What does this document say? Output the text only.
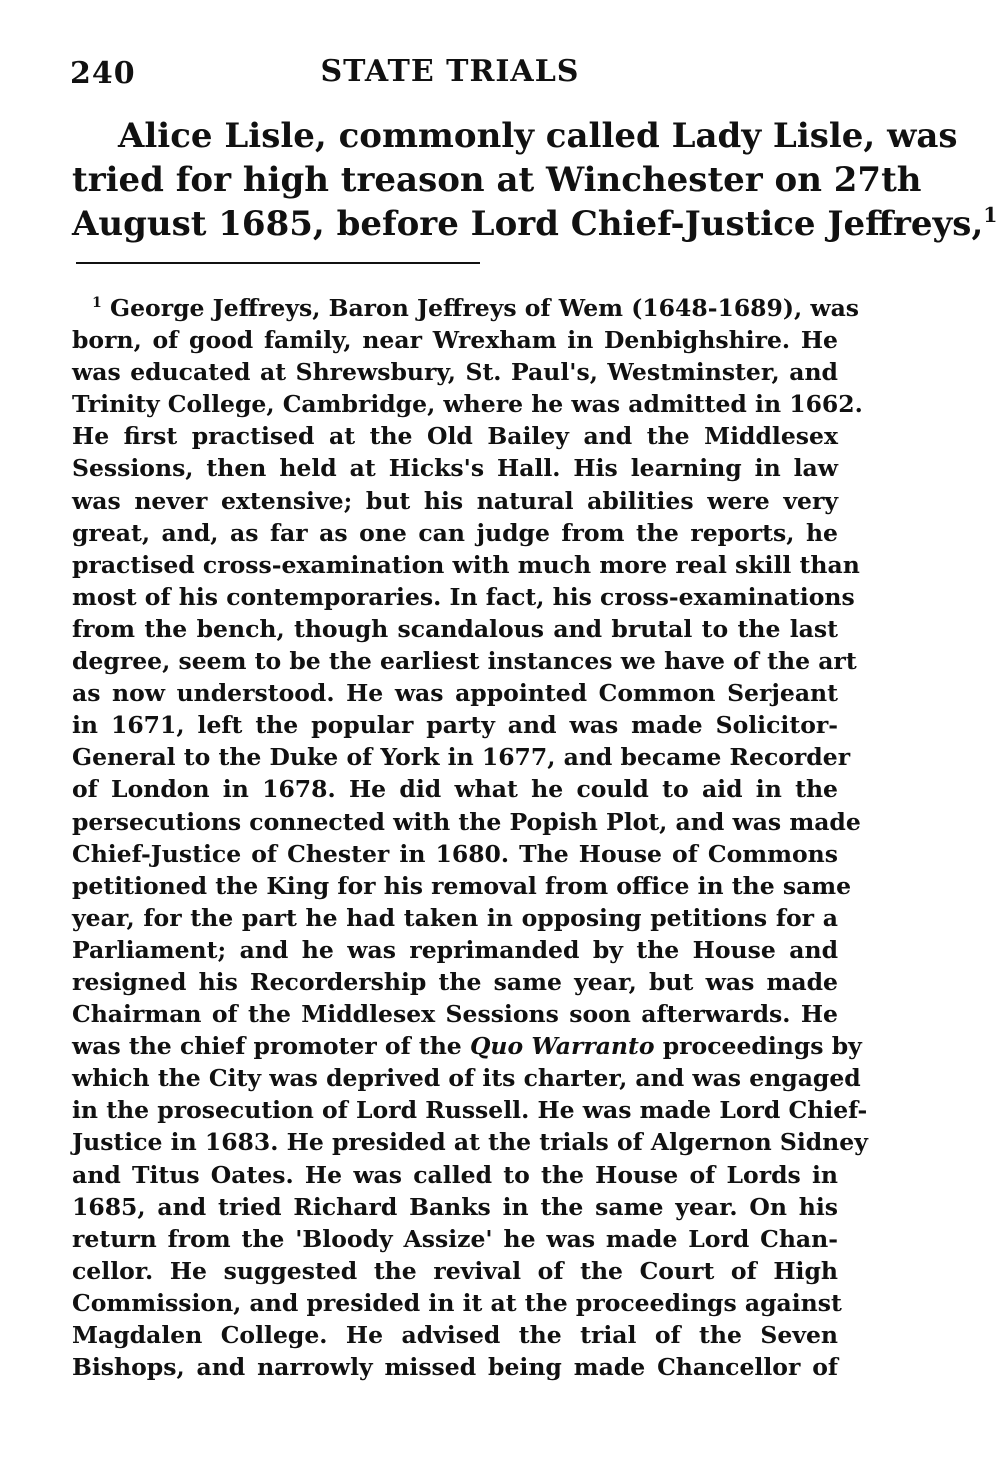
240	STATE TRIALS
Alice Lisle, commonly called Lady Lisle, was
tried for high treason at Winchester on 27th
August 1685, before Lord Chief-Justice Jeffreys,$^1$
$^1$ George Jeffreys, Baron Jeffreys of Wem (1648-1689), was
born, of good family, near Wrexham in Denbighshire. He
was educated at Shrewsbury, St. Paul's, Westminster, and
Trinity College, Cambridge, where he was admitted in 1662.
He first practised at the Old Bailey and the Middlesex
Sessions, then held at Hicks's Hall. His learning in law
was never extensive; but his natural abilities were very
great, and, as far as one can judge from the reports, he
practised cross-examination with much more real skill than
most of his contemporaries. In fact, his cross-examinations
from the bench, though scandalous and brutal to the last
degree, seem to be the earliest instances we have of the art
as now understood. He was appointed Common Serjeant
in 1671, left the popular party and was made Solicitor-
General to the Duke of York in 1677, and became Recorder
of London in 1678. He did what he could to aid in the
persecutions connected with the Popish Plot, and was made
Chief-Justice of Chester in 1680. The House of Commons
petitioned the King for his removal from office in the same
year, for the part he had taken in opposing petitions for a
Parliament; and he was reprimanded by the House and
resigned his Recordership the same year, but was made
Chairman of the Middlesex Sessions soon afterwards. He
was the chief promoter of the Quo Warranto proceedings by
which the City was deprived of its charter, and was engaged
in the prosecution of Lord Russell. He was made Lord Chief-
Justice in 1683. He presided at the trials of Algernon Sidney
and Titus Oates. He was called to the House of Lords in
1685, and tried Richard Banks in the same year. On his
return from the 'Bloody Assize' he was made Lord Chan-
cellor. He suggested the revival of the Court of High
Commission, and presided in it at the proceedings against
Magdalen College. He advised the trial of the Seven
Bishops, and narrowly missed being made Chancellor of
